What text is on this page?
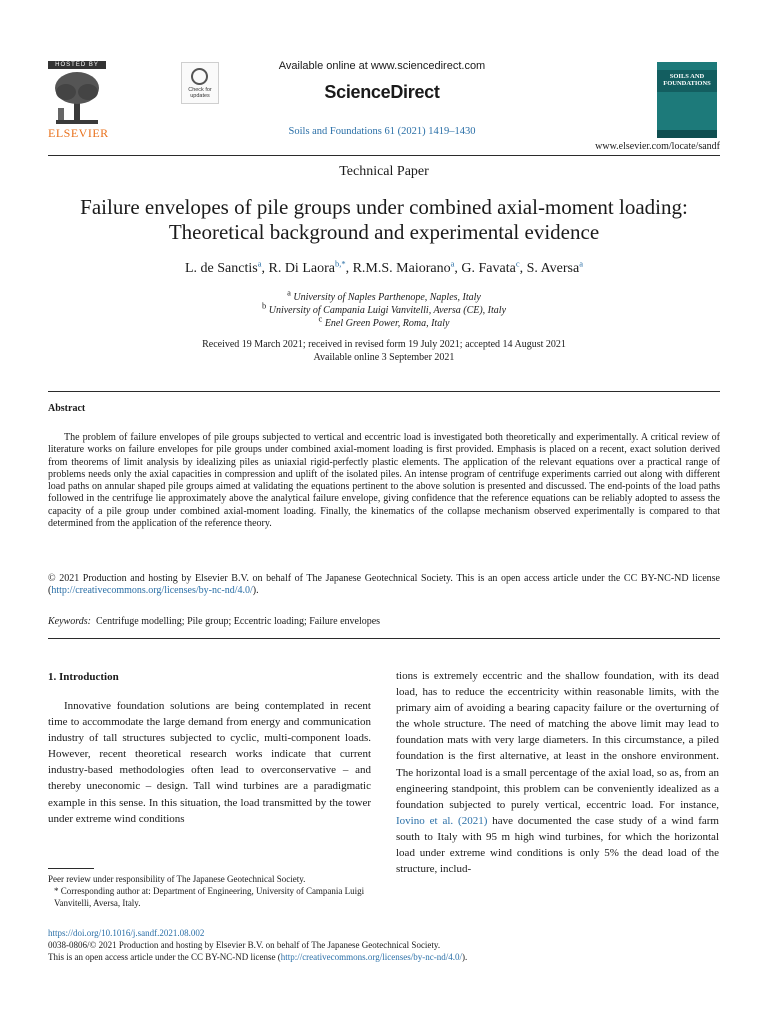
HOSTED BY
ELSEVIER
Check for updates
Available online at www.sciencedirect.com
ScienceDirect
Soils and Foundations 61 (2021) 1419–1430
SOILS AND FOUNDATIONS
www.elsevier.com/locate/sandf
Technical Paper
Failure envelopes of pile groups under combined axial-moment loading: Theoretical background and experimental evidence
L. de Sanctis$^a$, R. Di Laora$^{b,*}$, R.M.S. Maiorano$^a$, G. Favata$^c$, S. Aversa$^a$
$^a$ University of Naples Parthenope, Naples, Italy
$^b$ University of Campania Luigi Vanvitelli, Aversa (CE), Italy
$^c$ Enel Green Power, Roma, Italy
Received 19 March 2021; received in revised form 19 July 2021; accepted 14 August 2021
Available online 3 September 2021
Abstract
The problem of failure envelopes of pile groups subjected to vertical and eccentric load is investigated both theoretically and experimentally. A critical review of literature works on failure envelopes for pile groups under combined axial-moment loading is first provided. Emphasis is placed on a recent, exact solution derived from theorems of limit analysis by idealizing piles as uniaxial rigid-perfectly plastic elements. The application of the relevant equations over a practical range of problems needs only the axial capacities in compression and uplift of the isolated piles. An intense program of centrifuge experiments carried out along with different load paths on annular shaped pile groups aimed at validating the equations pertinent to the above solution is presented and discussed. The end-points of the load paths followed in the centrifuge lie approximately above the analytical failure envelope, giving confidence that the reference equations can be reliably adopted to assess the capacity of a pile group under combined axial-moment loading. Finally, the kinematics of the collapse mechanism observed experimentally is compared to that determined from the application of the reference theory.
© 2021 Production and hosting by Elsevier B.V. on behalf of The Japanese Geotechnical Society. This is an open access article under the CC BY-NC-ND license (http://creativecommons.org/licenses/by-nc-nd/4.0/).
Keywords: Centrifuge modelling; Pile group; Eccentric loading; Failure envelopes
1. Introduction
Innovative foundation solutions are being contemplated in recent time to accommodate the large demand from energy and communication industry of tall structures subjected to cyclic, multi-component loads. However, recent theoretical research works indicate that current industry-based methodologies often lead to overconservative – and thereby uneconomic – design. Tall wind turbines are a paradigmatic example in this sense. In this situation, the load transmitted by the tower under extreme wind conditions
tions is extremely eccentric and the shallow foundation, with its dead load, has to reduce the eccentricity within reasonable limits, with the primary aim of avoiding a bearing capacity failure or the overturning of the whole structure. The need of matching the above limit may lead to foundation mats with very large diameters. In this circumstance, a piled foundation is the first alternative, at least in the onshore environment. The horizontal load is a small percentage of the axial load, so as, from an engineering standpoint, this problem can be conveniently idealized as a foundation subjected to purely vertical, eccentric load. For instance, Iovino et al. (2021) have documented the case study of a wind farm south to Italy with 95 m high wind turbines, for which the horizontal load under extreme wind conditions is only 5% the dead load of the structure, includ-

Peer review under responsibility of The Japanese Geotechnical Society.

* Corresponding author at: Department of Engineering, University of Campania Luigi Vanvitelli, Aversa, Italy.

https://doi.org/10.1016/j.sandf.2021.08.002

0038-0806/© 2021 Production and hosting by Elsevier B.V. on behalf of The Japanese Geotechnical Society.

This is an open access article under the CC BY-NC-ND license (http://creativecommons.org/licenses/by-nc-nd/4.0/).
